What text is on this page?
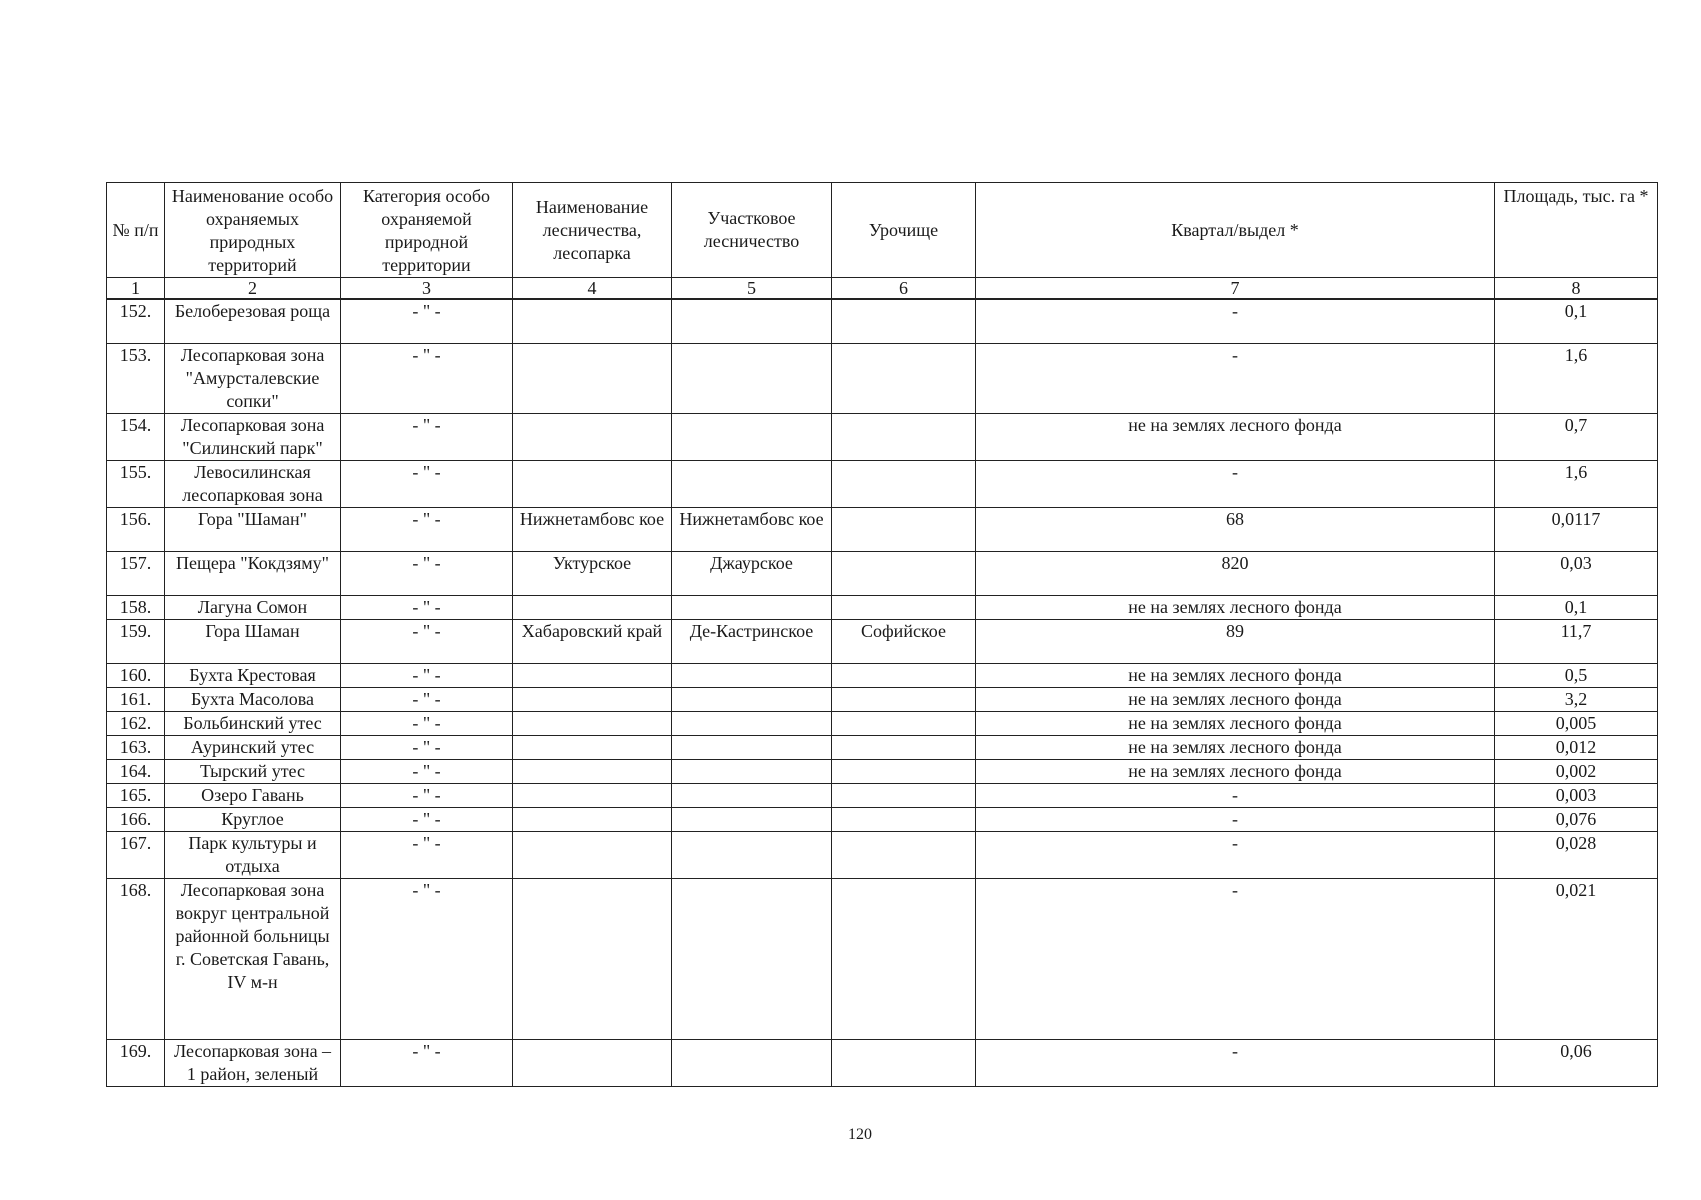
№ п/п	Наименование особо охраняемых природных территорий	Категория особо охраняемой природной территории	Наименование лесничества, лесопарка	Участковое лесничество	Урочище	Квартал/выдел *	Площадь, тыс. га *
1	2	3	4	5	6	7	8
152.	Белоберезовая роща	- " -				-	0,1
153.	Лесопарковая зона "Амурсталевские сопки"	- " -				-	1,6
154.	Лесопарковая зона "Силинский парк"	- " -				не на землях лесного фонда	0,7
155.	Левосилинская лесопарковая зона	- " -				-	1,6
156.	Гора "Шаман"	- " -	Нижнетамбовс кое	Нижнетамбовс кое		68	0,0117
157.	Пещера "Кокдзяму"	- " -	Уктурское	Джаурское		820	0,03
158.	Лагуна Сомон	- " -				не на землях лесного фонда	0,1
159.	Гора Шаман	- " -	Хабаровский край	Де-Кастринское	Софийское	89	11,7
160.	Бухта Крестовая	- " -				не на землях лесного фонда	0,5
161.	Бухта Масолова	- " -				не на землях лесного фонда	3,2
162.	Больбинский утес	- " -				не на землях лесного фонда	0,005
163.	Ауринский утес	- " -				не на землях лесного фонда	0,012
164.	Тырский утес	- " -				не на землях лесного фонда	0,002
165.	Озеро Гавань	- " -				-	0,003
166.	Круглое	- " -				-	0,076
167.	Парк культуры и отдыха	- " -				-	0,028
168.	Лесопарковая зона вокруг центральной районной больницы г. Советская Гавань, IV м-н	- " -				-	0,021
169.	Лесопарковая зона – 1 район, зеленый	- " -				-	0,06
120
